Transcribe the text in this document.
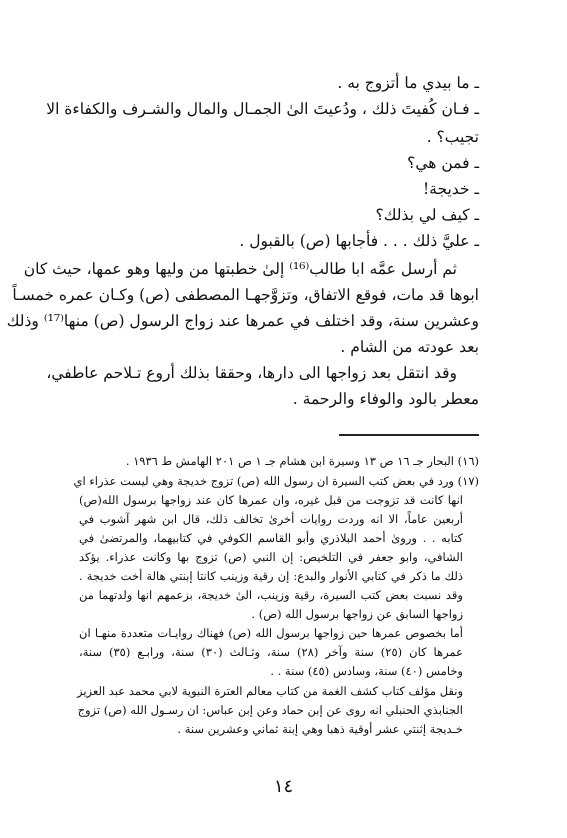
ـ ما بيدي ما أتزوج به .
ـ فـان كُفيتَ ذلك ، ودُعيتَ الىٰ الجمـال والمال والشـرف والكفاءة الا
تجيب؟ .
ـ فمن هي؟
ـ خديجة!
ـ كيف لي بذلك؟
ـ عليَّ ذلك . . . فأجابها (ص) بالقبول .
ثم أرسل عمَّه ابا طالب⁽¹⁶⁾ إلىٰ خطبتها من وليها وهو عمها، حيث كان
ابوها قد مات، فوقع الاتفاق، وتزوَّجهـا المصطفى (ص) وكـان عمره خمسـاً
وعشرين سنة، وقد اختلف في عمرها عند زواج الرسول (ص) منها⁽¹⁷⁾ وذلك
بعد عودته من الشام .
وقد انتقل بعد زواجها الى دارها، وحققا بذلك أروع تـلاحم عاطفي،
معطر بالود والوفاء والرحمة .
(١٦) البحار جـ ١٦ ص ١٣ وسيرة ابن هشام جـ ١ ص ٢٠١ الهامش ط ١٩٣٦ .
(١٧) ورد في بعض كتب السيرة ان رسول الله (ص) تزوج خديجة وهي ليست عذراء اي
انها كانت قد تزوجت من قبل غيره، وان عمرها كان عند زواجها برسول الله(ص)
أربعين عاماً، الا انه وردت روايات أخرىٰ تخالف ذلك، قال ابن شهر آشوب في
كتابه . . وروىٰ أحمد البلاذري وأبو القاسم الكوفي في كتابيهما، والمرتضىٰ في
الشافي، وابو جعفر في التلخيص: إن النبي (ص) تزوج بها وكانت عذراء. يؤكد
ذلك ما ذكر في كتابي الأنوار والبدع: إن رقية وزينب كانتا إبنتي هالة أخت خديجة .
وقد نسبت بعض كتب السيرة، رقية وزينب، الىٰ خديجة، بزعمهم انها ولدتهما من
زواجها السابق عن زواجها برسول الله (ص) .
أما بخصوص عمرها حين زواجها برسول الله (ص) فهناك روايـات متعددة منهـا ان
عمرها كان (٢٥) سنة وآخر (٢٨) سنة، وثـالث (٣٠) سنة، ورابـع (٣٥) سنة،
وخامس (٤٠) سنة، وسادس (٤٥) سنة . .
ونقل مؤلف كتاب كشف الغمة من كتاب معالم العترة النبوية لابي محمد عبد العزيز
الجنابذي الحنبلي انه روى عن إبن حماد وعن إبن عباس: ان رسـول الله (ص) تزوج
خـديجة إثنتي عشر أوقية ذهبا وهي إبنة ثماني وعشرين سنة .
١٤
